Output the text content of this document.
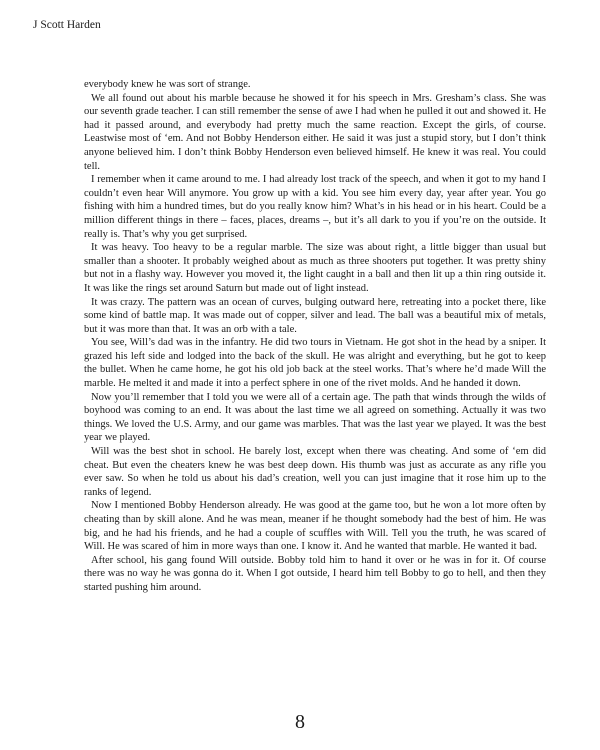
J Scott Harden

everybody knew he was sort of strange.

We all found out about his marble because he showed it for his speech in Mrs. Gresham’s class. She was our seventh grade teacher. I can still remember the sense of awe I had when he pulled it out and showed it. He had it passed around, and everybody had pretty much the same reaction. Except the girls, of course. Leastwise most of ‘em. And not Bobby Henderson either. He said it was just a stupid story, but I don’t think anyone believed him. I don’t think Bobby Henderson even believed himself. He knew it was real. You could tell.

I remember when it came around to me. I had already lost track of the speech, and when it got to my hand I couldn’t even hear Will anymore. You grow up with a kid. You see him every day, year after year. You go fishing with him a hundred times, but do you really know him? What’s in his head or in his heart. Could be a million different things in there – faces, places, dreams –, but it’s all dark to you if you’re on the outside. It really is. That’s why you get surprised.

It was heavy. Too heavy to be a regular marble. The size was about right, a little bigger than usual but smaller than a shooter. It probably weighed about as much as three shooters put together. It was pretty shiny but not in a flashy way. However you moved it, the light caught in a ball and then lit up a thin ring outside it. It was like the rings set around Saturn but made out of light instead.

It was crazy. The pattern was an ocean of curves, bulging outward here, retreating into a pocket there, like some kind of battle map. It was made out of copper, silver and lead. The ball was a beautiful mix of metals, but it was more than that. It was an orb with a tale.

You see, Will’s dad was in the infantry. He did two tours in Vietnam. He got shot in the head by a sniper. It grazed his left side and lodged into the back of the skull. He was alright and everything, but he got to keep the bullet. When he came home, he got his old job back at the steel works. That’s where he’d made Will the marble. He melted it and made it into a perfect sphere in one of the rivet molds. And he handed it down.

Now you’ll remember that I told you we were all of a certain age. The path that winds through the wilds of boyhood was coming to an end. It was about the last time we all agreed on something. Actually it was two things. We loved the U.S. Army, and our game was marbles. That was the last year we played. It was the best year we played.

Will was the best shot in school. He barely lost, except when there was cheating. And some of ‘em did cheat. But even the cheaters knew he was best deep down. His thumb was just as accurate as any rifle you ever saw. So when he told us about his dad’s creation, well you can just imagine that it rose him up to the ranks of legend.

Now I mentioned Bobby Henderson already. He was good at the game too, but he won a lot more often by cheating than by skill alone. And he was mean, meaner if he thought somebody had the best of him. He was big, and he had his friends, and he had a couple of scuffles with Will. Tell you the truth, he was scared of Will. He was scared of him in more ways than one. I know it. And he wanted that marble. He wanted it bad.

After school, his gang found Will outside. Bobby told him to hand it over or he was in for it. Of course there was no way he was gonna do it. When I got outside, I heard him tell Bobby to go to hell, and then they started pushing him around.

8
